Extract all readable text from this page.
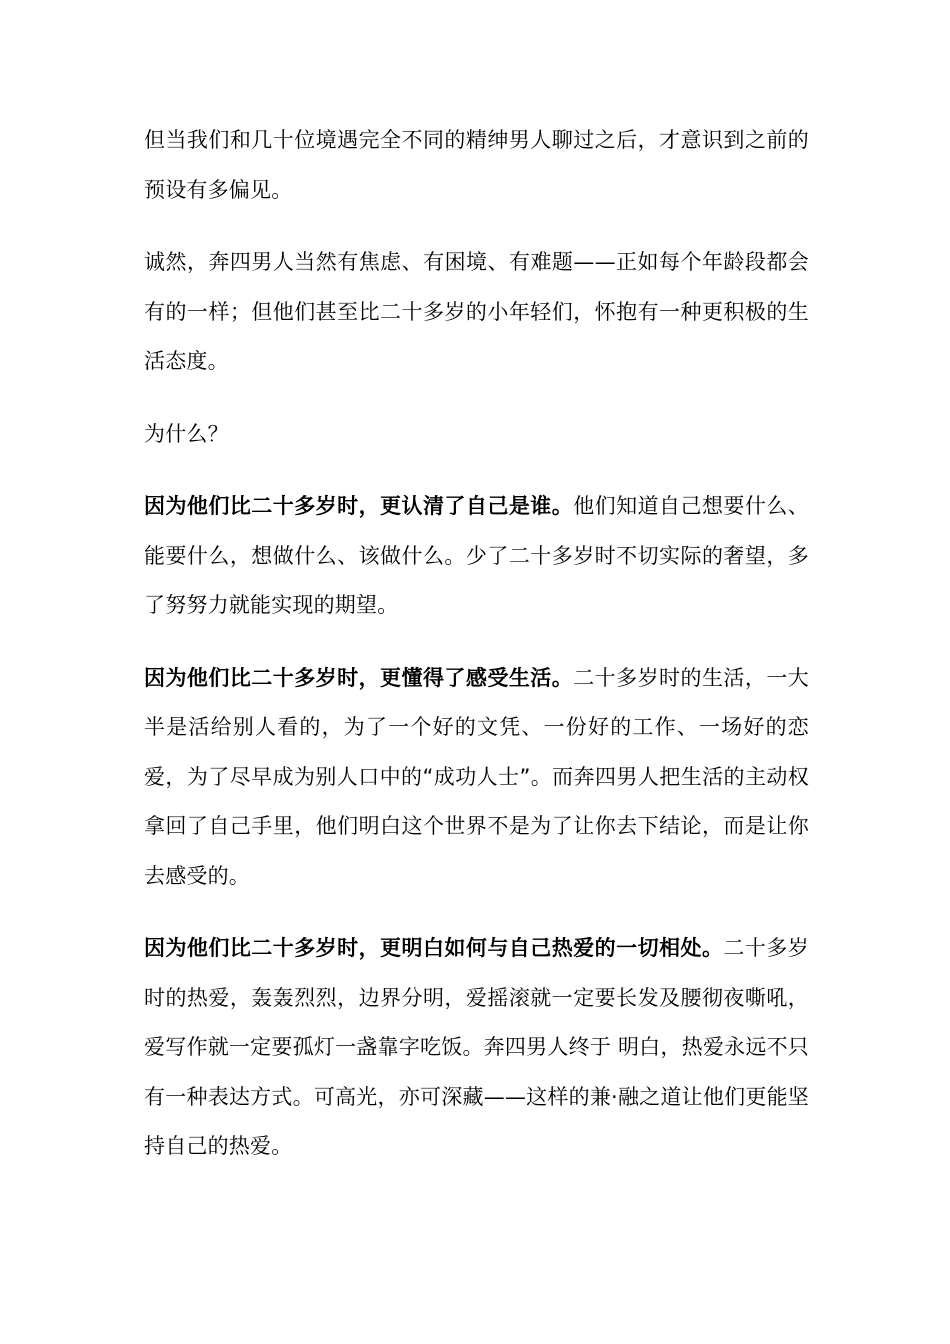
但当我们和几十位境遇完全不同的精绅男人聊过之后，才意识到之前的预设有多偏见。

诚然，奔四男人当然有焦虑、有困境、有难题——正如每个年龄段都会有的一样；但他们甚至比二十多岁的小年轻们，怀抱有一种更积极的生活态度。

为什么？

因为他们比二十多岁时，更认清了自己是谁。他们知道自己想要什么、能要什么，想做什么、该做什么。少了二十多岁时不切实际的奢望，多了努努力就能实现的期望。

因为他们比二十多岁时，更懂得了感受生活。二十多岁时的生活，一大半是活给别人看的，为了一个好的文凭、一份好的工作、一场好的恋爱，为了尽早成为别人口中的“成功人士”。而奔四男人把生活的主动权拿回了自己手里，他们明白这个世界不是为了让你去下结论，而是让你去感受的。

因为他们比二十多岁时，更明白如何与自己热爱的一切相处。二十多岁时的热爱，轰轰烈烈，边界分明，爱摇滚就一定要长发及腰彻夜嘶吼，爱写作就一定要孤灯一盏靠字吃饭。奔四男人终于 明白，热爱永远不只有一种表达方式。可高光，亦可深藏——这样的兼·融之道让他们更能坚持自己的热爱。
